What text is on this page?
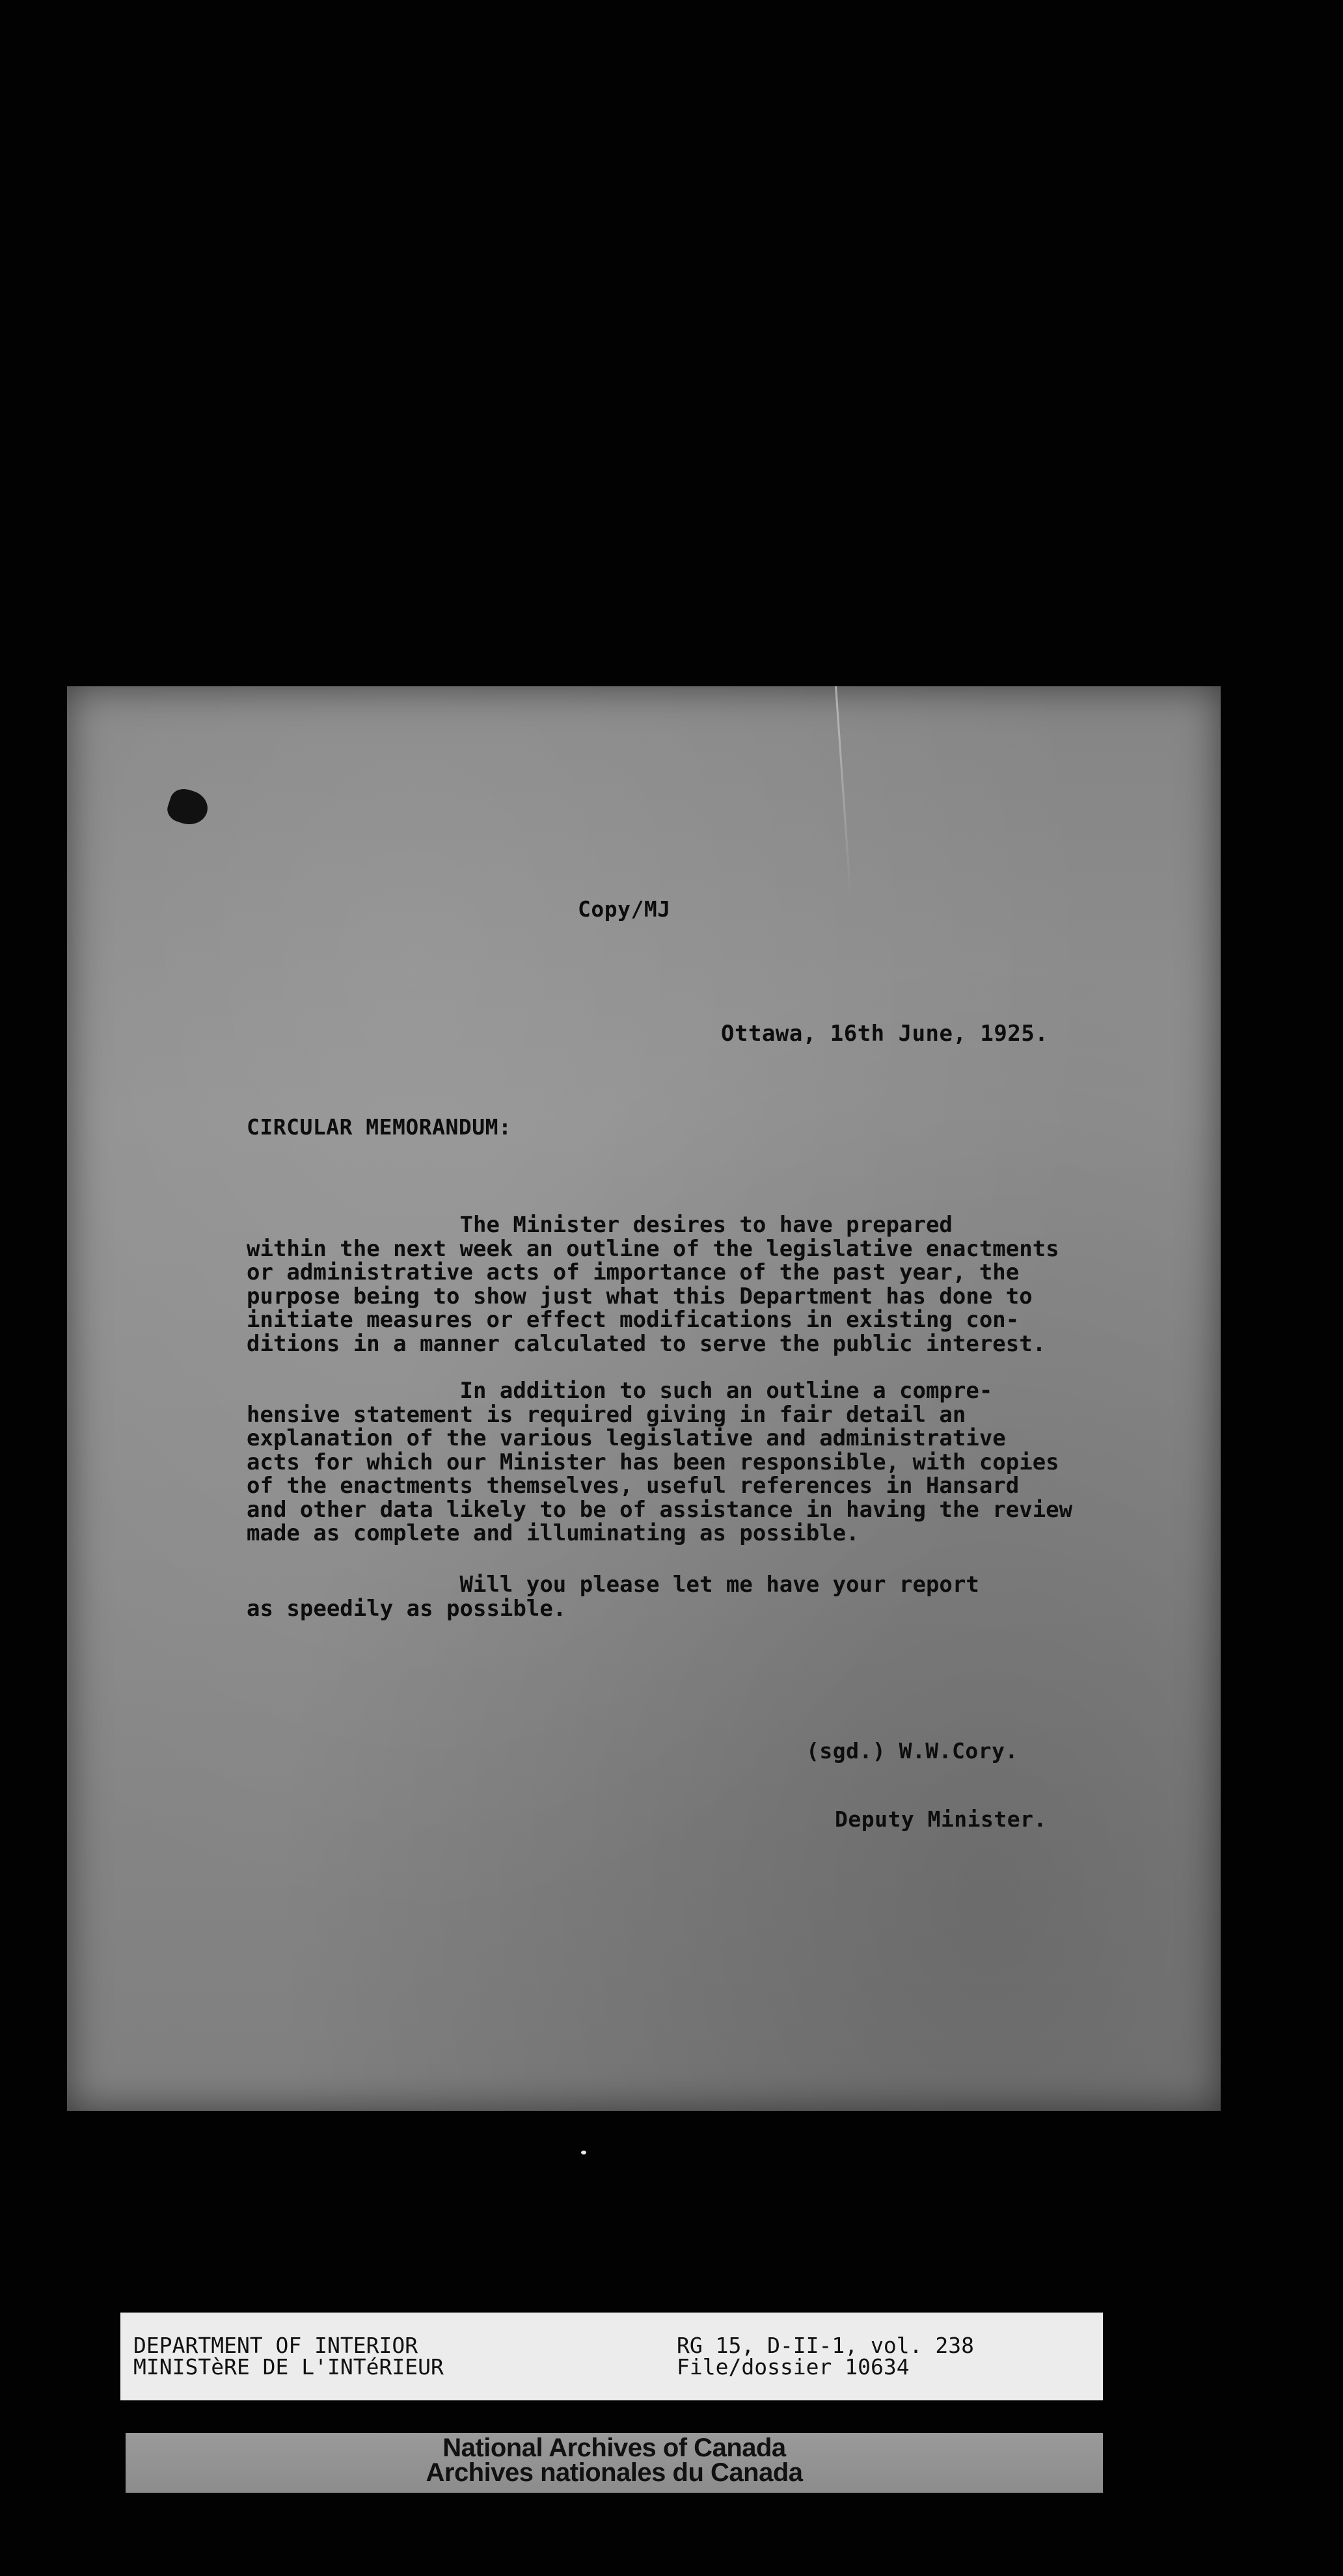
Copy/MJ

Ottawa, 16th June, 1925.

CIRCULAR MEMORANDUM:

The Minister desires to have prepared
within the next week an outline of the legislative enactments
or administrative acts of importance of the past year, the
purpose being to show just what this Department has done to
initiate measures or effect modifications in existing con-
ditions in a manner calculated to serve the public interest.

In addition to such an outline a compre-
hensive statement is required giving in fair detail an
explanation of the various legislative and administrative
acts for which our Minister has been responsible, with copies
of the enactments themselves, useful references in Hansard
and other data likely to be of assistance in having the review
made as complete and illuminating as possible.

Will you please let me have your report
as speedily as possible.

(sgd.) W.W.Cory.

Deputy Minister.

DEPARTMENT OF INTERIOR

MINISTèRE DE L'INTéRIEUR

RG 15, D-II-1, vol. 238

File/dossier 10634

National Archives of Canada

Archives nationales du Canada
